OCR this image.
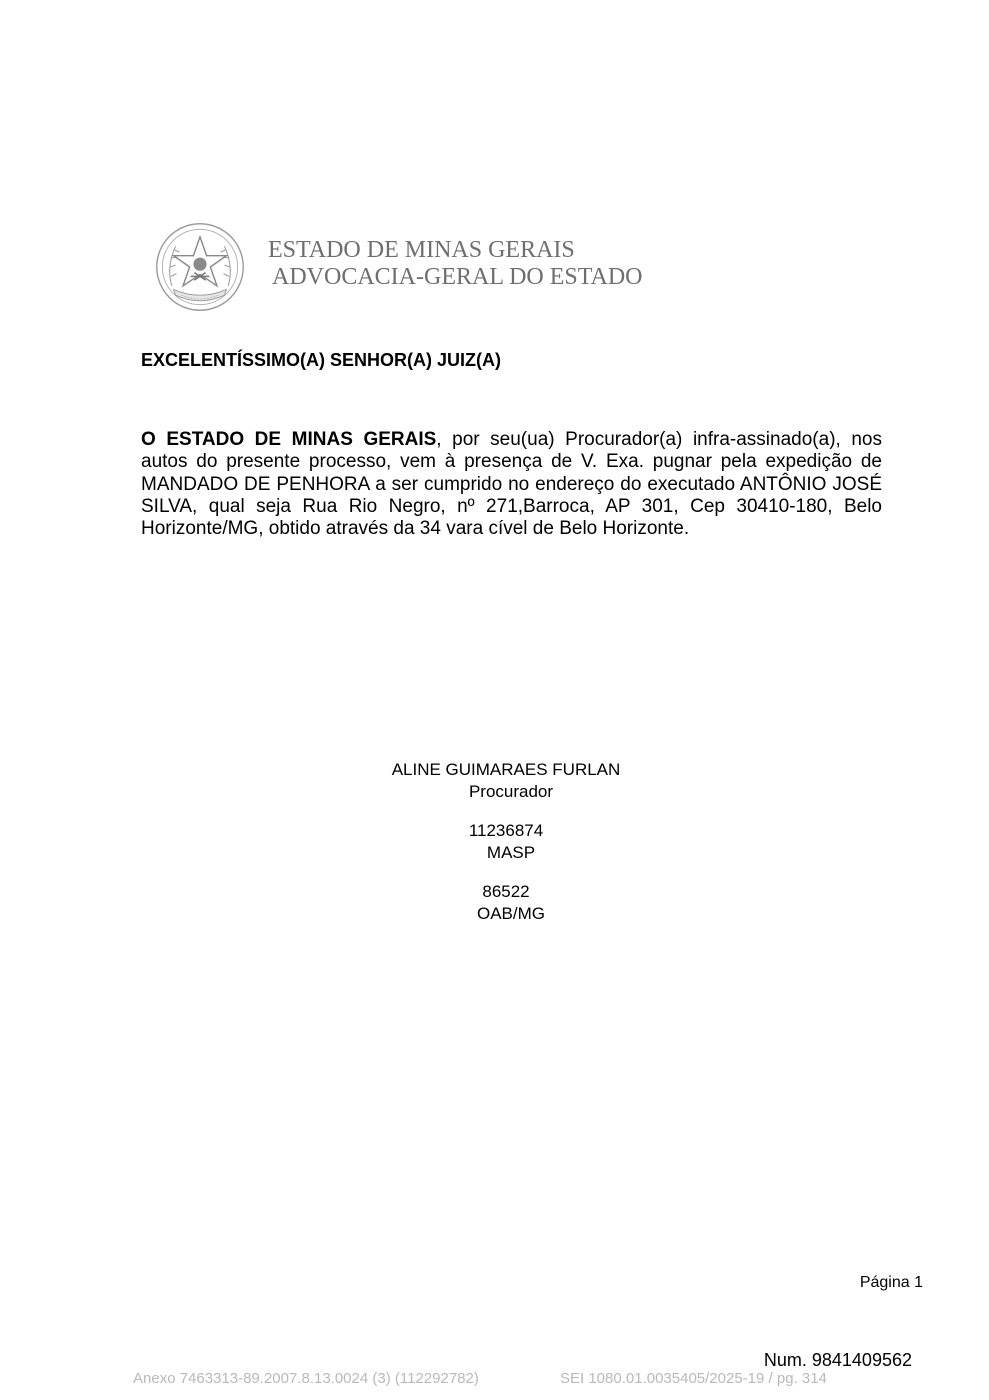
ESTADO DE MINAS GERAIS
ADVOCACIA-GERAL DO ESTADO
EXCELENTÍSSIMO(A) SENHOR(A) JUIZ(A)

O ESTADO DE MINAS GERAIS, por seu(ua) Procurador(a) infra-assinado(a), nos autos do presente processo, vem à presença de V. Exa. pugnar pela expedição de MANDADO DE PENHORA a ser cumprido no endereço do executado ANTÔNIO JOSÉ SILVA, qual seja Rua Rio Negro, nº 271,Barroca, AP 301, Cep 30410-180, Belo Horizonte/MG, obtido através da 34 vara cível de Belo Horizonte.

ALINE GUIMARAES FURLAN
Procurador
11236874
MASP
86522
OAB/MG
Página 1
Num. 9841409562
Anexo 7463313-89.2007.8.13.0024 (3) (112292782)	SEI 1080.01.0035405/2025-19 / pg. 314
